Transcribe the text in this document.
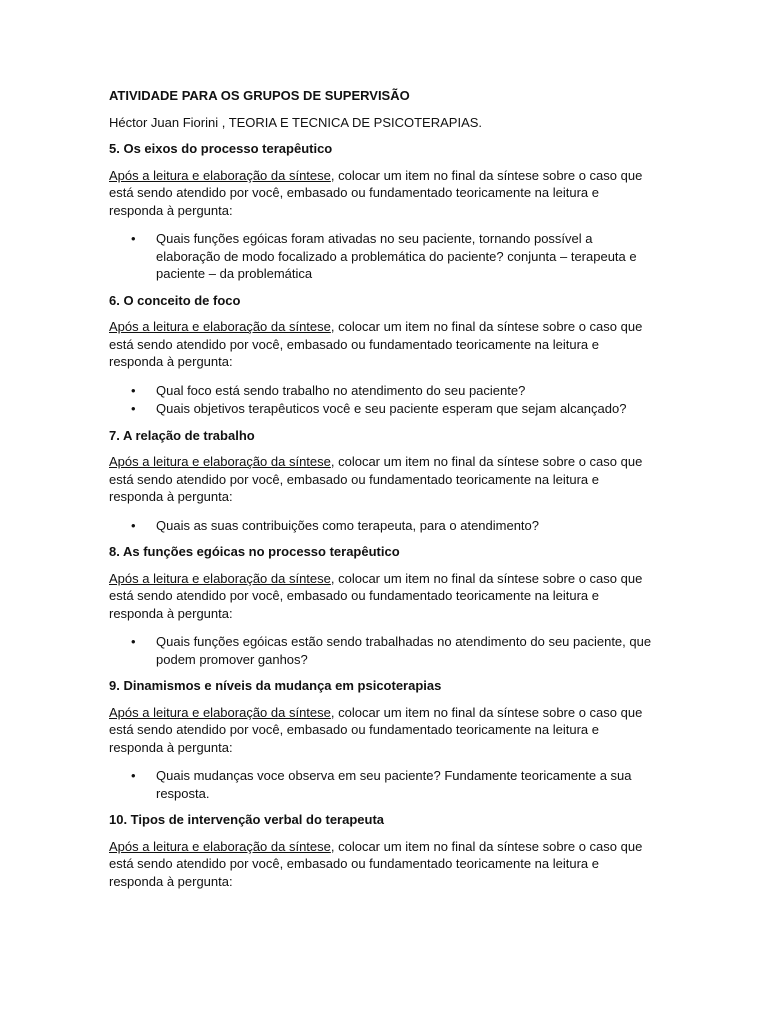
ATIVIDADE PARA OS GRUPOS DE SUPERVISÃO

Héctor Juan Fiorini , TEORIA E TECNICA DE PSICOTERAPIAS.

5. Os eixos do processo terapêutico

Após a leitura e elaboração da síntese, colocar um item no final da síntese sobre o caso que está sendo atendido por você, embasado ou fundamentado teoricamente na leitura e responda à pergunta:

• Quais funções egóicas foram ativadas no seu paciente, tornando possível a elaboração de modo focalizado a problemática do paciente? conjunta – terapeuta e paciente – da problemática

6. O conceito de foco

Após a leitura e elaboração da síntese, colocar um item no final da síntese sobre o caso que está sendo atendido por você, embasado ou fundamentado teoricamente na leitura e responda à pergunta:

• Qual foco está sendo trabalho no atendimento do seu paciente?
• Quais objetivos terapêuticos você e seu paciente esperam que sejam alcançado?

7. A relação de trabalho

Após a leitura e elaboração da síntese, colocar um item no final da síntese sobre o caso que está sendo atendido por você, embasado ou fundamentado teoricamente na leitura e responda à pergunta:

• Quais as suas contribuições como terapeuta, para o atendimento?

8. As funções egóicas no processo terapêutico

Após a leitura e elaboração da síntese, colocar um item no final da síntese sobre o caso que está sendo atendido por você, embasado ou fundamentado teoricamente na leitura e responda à pergunta:

• Quais funções egóicas estão sendo trabalhadas no atendimento do seu paciente, que podem promover ganhos?

9. Dinamismos e níveis da mudança em psicoterapias

Após a leitura e elaboração da síntese, colocar um item no final da síntese sobre o caso que está sendo atendido por você, embasado ou fundamentado teoricamente na leitura e responda à pergunta:

• Quais mudanças voce observa em seu paciente? Fundamente teoricamente a sua resposta.

10. Tipos de intervenção verbal do terapeuta

Após a leitura e elaboração da síntese, colocar um item no final da síntese sobre o caso que está sendo atendido por você, embasado ou fundamentado teoricamente na leitura e responda à pergunta:
